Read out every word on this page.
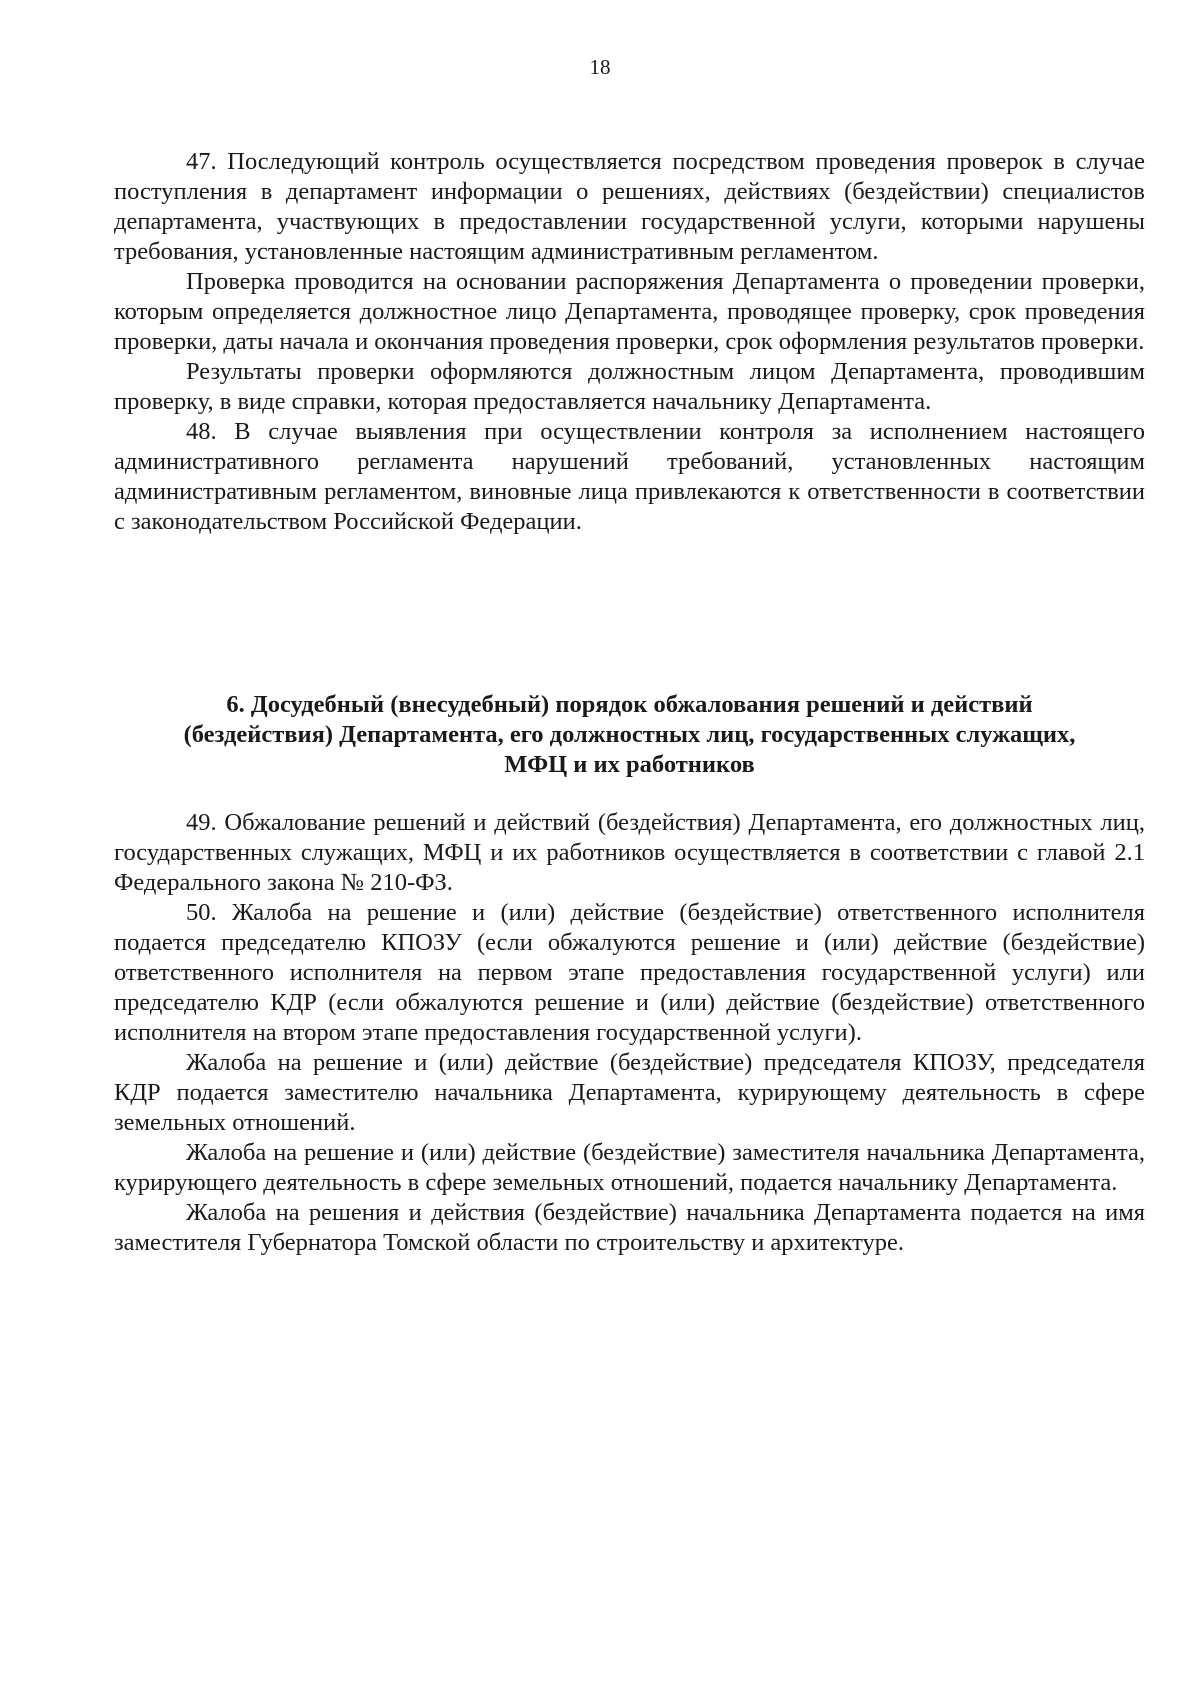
18

47. Последующий контроль осуществляется посредством проведения проверок в случае поступления в департамент информации о решениях, действиях (бездействии) специалистов департамента, участвующих в предоставлении государственной услуги, которыми нарушены требования, установленные настоящим административным регламентом.

Проверка проводится на основании распоряжения Департамента о проведении проверки, которым определяется должностное лицо Департамента, проводящее проверку, срок проведения проверки, даты начала и окончания проведения проверки, срок оформления результатов проверки.

Результаты проверки оформляются должностным лицом Департамента, проводившим проверку, в виде справки, которая предоставляется начальнику Департамента.

48. В случае выявления при осуществлении контроля за исполнением настоящего административного регламента нарушений требований, установленных настоящим административным регламентом, виновные лица привлекаются к ответственности в соответствии с законодательством Российской Федерации.

6. Досудебный (внесудебный) порядок обжалования решений и действий
(бездействия) Департамента, его должностных лиц, государственных служащих,
МФЦ и их работников

49. Обжалование решений и действий (бездействия) Департамента, его должностных лиц, государственных служащих, МФЦ и их работников осуществляется в соответствии с главой 2.1 Федерального закона № 210-ФЗ.

50. Жалоба на решение и (или) действие (бездействие) ответственного исполнителя подается председателю КПОЗУ (если обжалуются решение и (или) действие (бездействие) ответственного исполнителя на первом этапе предоставления государственной услуги) или председателю КДР (если обжалуются решение и (или) действие (бездействие) ответственного исполнителя на втором этапе предоставления государственной услуги).

Жалоба на решение и (или) действие (бездействие) председателя КПОЗУ, председателя КДР подается заместителю начальника Департамента, курирующему деятельность в сфере земельных отношений.

Жалоба на решение и (или) действие (бездействие) заместителя начальника Департамента, курирующего деятельность в сфере земельных отношений, подается начальнику Департамента.

Жалоба на решения и действия (бездействие) начальника Департамента подается на имя заместителя Губернатора Томской области по строительству и архитектуре.
